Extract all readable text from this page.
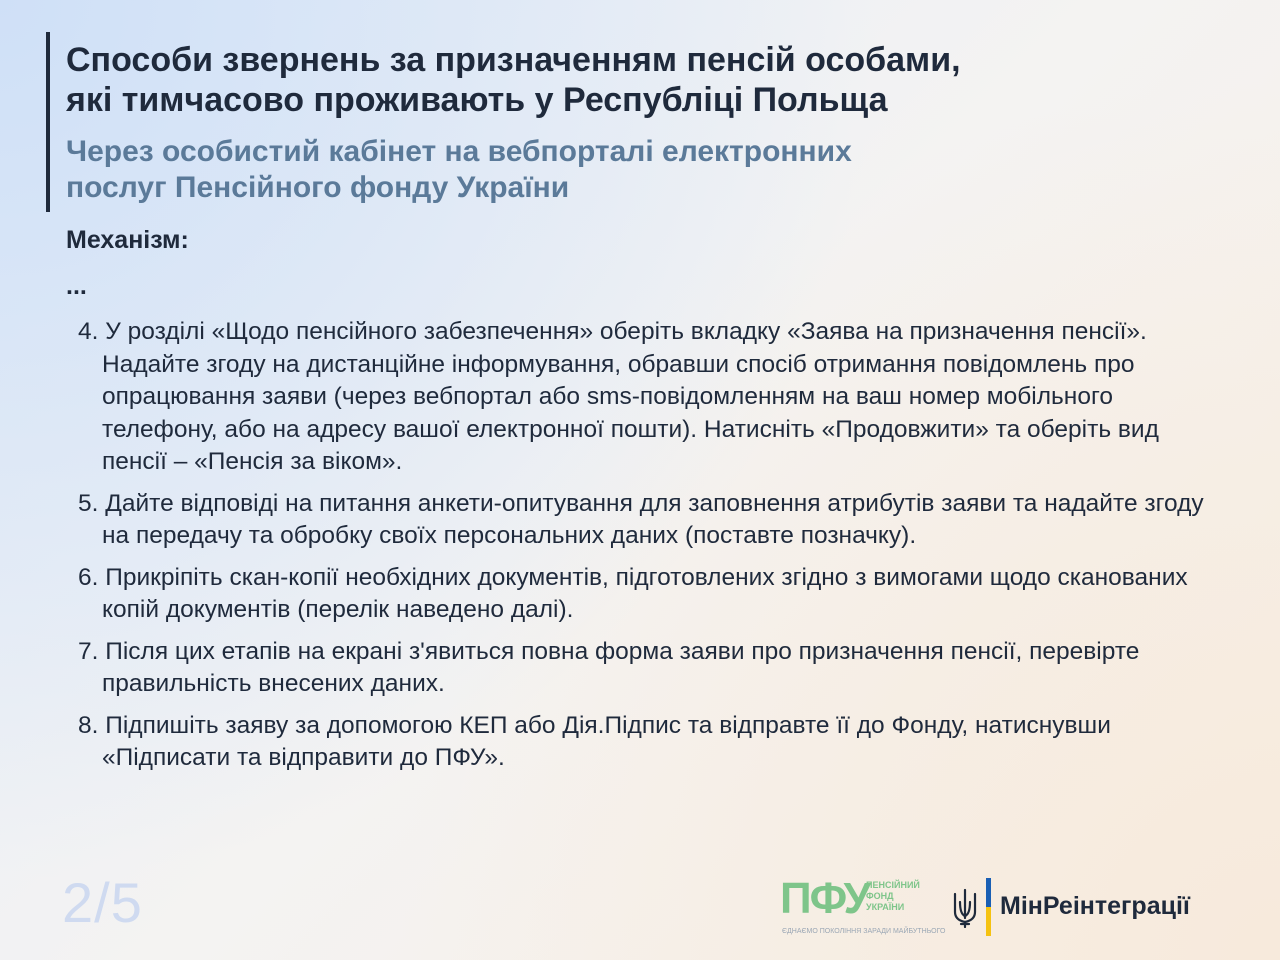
Способи звернень за призначенням пенсій особами,
які тимчасово проживають у Республіці Польща
Через особистий кабінет на вебпорталі електронних
послуг Пенсійного фонду України
Механізм:
...
4. У розділі «Щодо пенсійного забезпечення» оберіть вкладку «Заява на призначення пенсії». Надайте згоду на дистанційне інформування, обравши спосіб отримання повідомлень про опрацювання заяви (через вебпортал або sms-повідомленням на ваш номер мобільного телефону, або на адресу вашої електронної пошти). Натисніть «Продовжити» та оберіть вид пенсії – «Пенсія за віком».
5. Дайте відповіді на питання анкети-опитування для заповнення атрибутів заяви та надайте згоду на передачу та обробку своїх персональних даних (поставте позначку).
6. Прикріпіть скан-копії необхідних документів, підготовлених згідно з вимогами щодо сканованих копій документів (перелік наведено далі).
7. Після цих етапів на екрані з'явиться повна форма заяви про призначення пенсії, перевірте правильність внесених даних.
8. Підпишіть заяву за допомогою КЕП або Дія.Підпис та відправте її до Фонду, натиснувши «Підписати та відправити до ПФУ».
2/5	ПФУ
ПЕНСІЙНИЙ
ФОНД
УКРАЇНИ
ЄДНАЄМО ПОКОЛІННЯ ЗАРАДИ МАЙБУТНЬОГО
МінРеінтеграції
